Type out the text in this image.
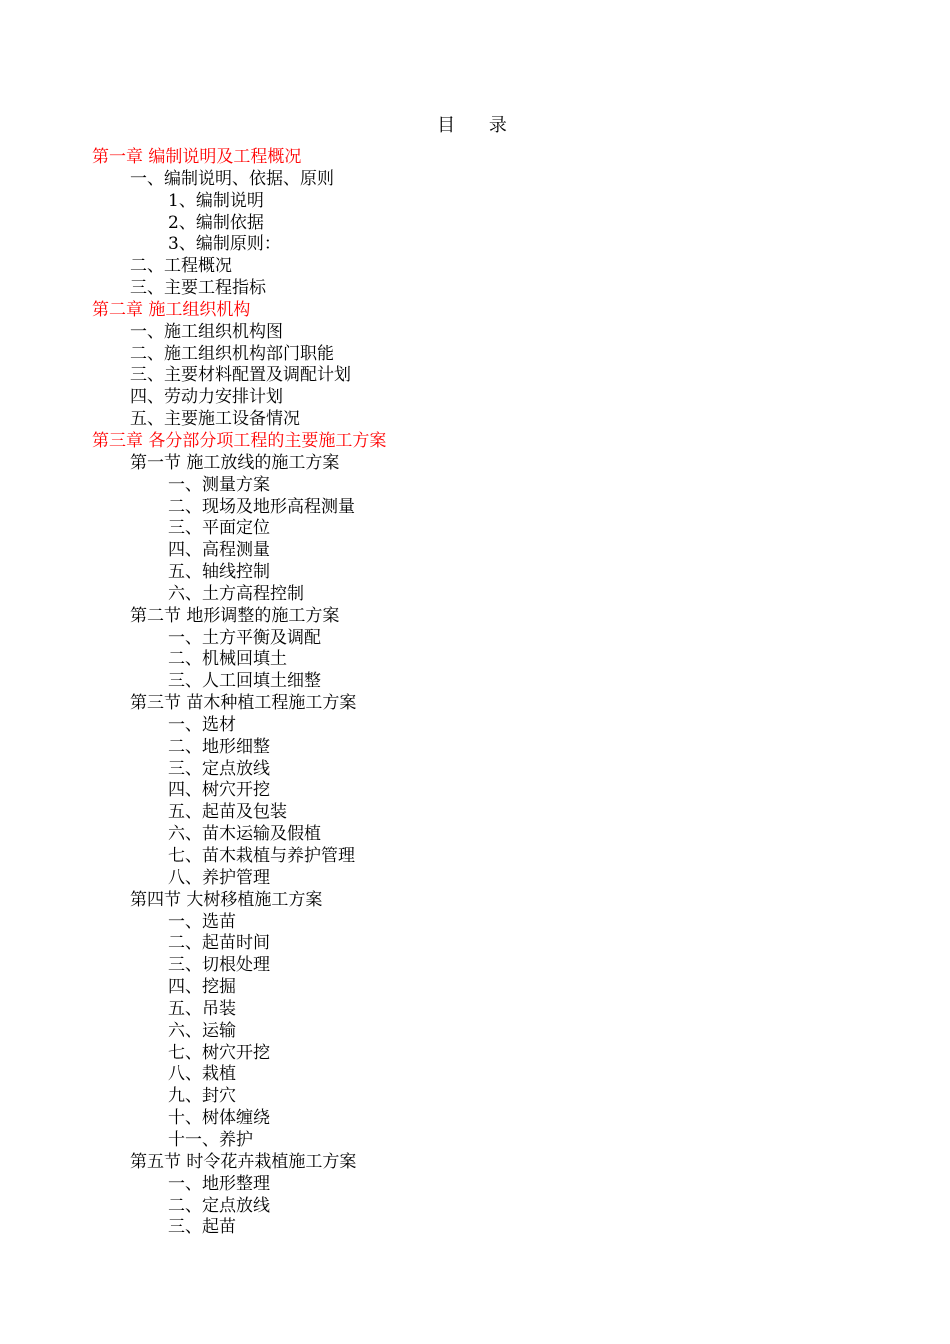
目 录
第一章 编制说明及工程概况
一、编制说明、依据、原则
1、编制说明
2、编制依据
3、编制原则：
二、工程概况
三、主要工程指标
第二章 施工组织机构
一、施工组织机构图
二、施工组织机构部门职能
三、主要材料配置及调配计划
四、劳动力安排计划
五、主要施工设备情况
第三章 各分部分项工程的主要施工方案
第一节 施工放线的施工方案
一、测量方案
二、现场及地形高程测量
三、平面定位
四、高程测量
五、轴线控制
六、土方高程控制
第二节 地形调整的施工方案
一、土方平衡及调配
二、机械回填土
三、人工回填土细整
第三节 苗木种植工程施工方案
一、选材
二、地形细整
三、定点放线
四、树穴开挖
五、起苗及包装
六、苗木运输及假植
七、苗木栽植与养护管理
八、养护管理
第四节 大树移植施工方案
一、选苗
二、起苗时间
三、切根处理
四、挖掘
五、吊装
六、运输
七、树穴开挖
八、栽植
九、封穴
十、树体缠绕
十一、养护
第五节 时令花卉栽植施工方案
一、地形整理
二、定点放线
三、起苗
